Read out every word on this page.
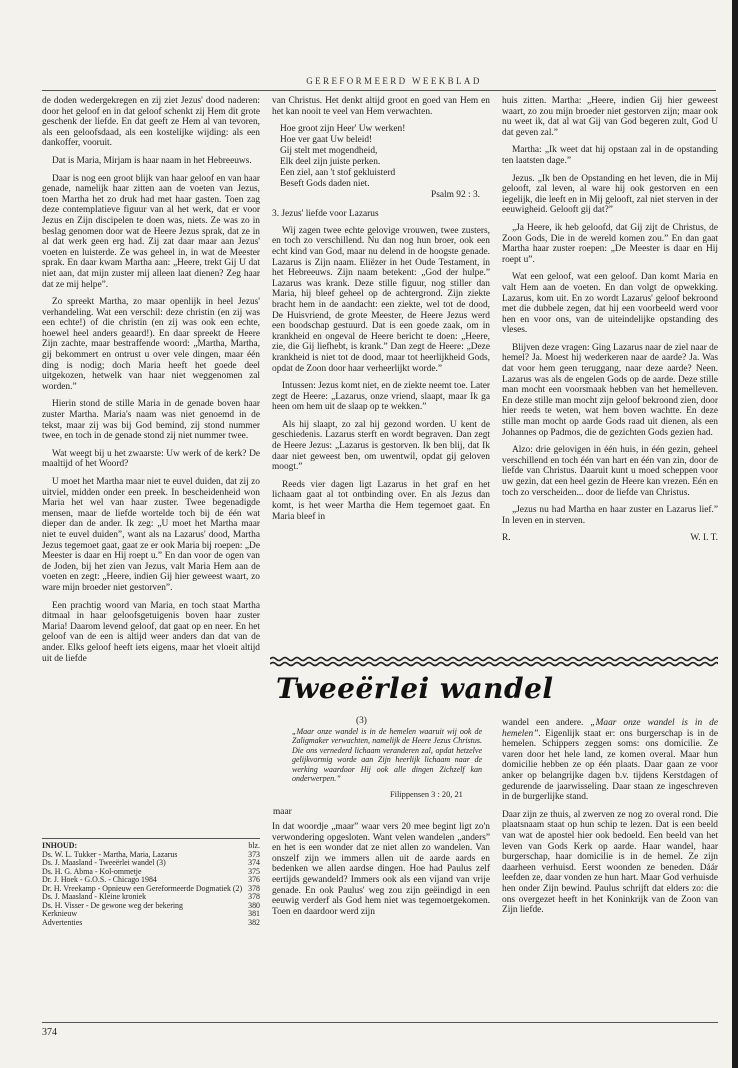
GEREFORMEERD WEEKBLAD

de doden wedergekregen en zij ziet Jezus' dood naderen: door het geloof en in dat geloof schenkt zij Hem dit grote geschenk der liefde. En dat geeft ze Hem al van tevoren, als een geloofsdaad, als een kostelijke wijding: als een dankoffer, vooruit.

Dat is Maria, Mirjam is haar naam in het Hebreeuws.

Daar is nog een groot blijk van haar geloof en van haar genade, namelijk haar zitten aan de voeten van Jezus, toen Martha het zo druk had met haar gasten. Toen zag deze contemplatieve figuur van al het werk, dat er voor Jezus en Zijn discipelen te doen was, niets. Ze was zo in beslag genomen door wat de Heere Jezus sprak, dat ze in al dat werk geen erg had. Zij zat daar maar aan Jezus' voeten en luisterde. Ze was geheel in, in wat de Meester sprak. En daar kwam Martha aan: „Heere, trekt Gij U dat niet aan, dat mijn zuster mij alleen laat dienen? Zeg haar dat ze mij helpe”.

Zo spreekt Martha, zo maar openlijk in heel Jezus' verhandeling. Wat een verschil: deze christin (en zij was een echte!) of die christin (en zij was ook een echte, hoewel heel anders geaard!). En daar spreekt de Heere Zijn zachte, maar bestraffende woord: „Martha, Martha, gij bekommert en ontrust u over vele dingen, maar één ding is nodig; doch Maria heeft het goede deel uitgekozen, hetwelk van haar niet weggenomen zal worden.”

Hierin stond de stille Maria in de genade boven haar zuster Martha. Maria's naam was niet genoemd in de tekst, maar zij was bij God bemind, zij stond nummer twee, en toch in de genade stond zij niet nummer twee.

Wat weegt bij u het zwaarste: Uw werk of de kerk? De maaltijd of het Woord?

U moet het Martha maar niet te euvel duiden, dat zij zo uitviel, midden onder een preek. In bescheidenheid won Maria het wel van haar zuster. Twee begenadigde mensen, maar de liefde wortelde toch bij de één wat dieper dan de ander. Ik zeg: „U moet het Martha maar niet te euvel duiden”, want als na Lazarus' dood, Martha Jezus tegemoet gaat, gaat ze er ook Maria bij roepen: „De Meester is daar en Hij roept u.” En dan voor de ogen van de Joden, bij het zien van Jezus, valt Maria Hem aan de voeten en zegt: „Heere, indien Gij hier geweest waart, zo ware mijn broeder niet gestorven”.

Een prachtig woord van Maria, en toch staat Martha ditmaal in haar geloofsgetuigenis boven haar zuster Maria! Daarom levend geloof, dat gaat op en neer. En het geloof van de een is altijd weer anders dan dat van de ander. Elks geloof heeft iets eigens, maar het vloeit altijd uit de liefde

van Christus. Het denkt altijd groot en goed van Hem en het kan nooit te veel van Hem verwachten.

Hoe groot zijn Heer' Uw werken!
Hoe ver gaat Uw beleid!
Gij stelt met mogendheid,
Elk deel zijn juiste perken.
Een ziel, aan 't stof gekluisterd
Beseft Gods daden niet.
Psalm 92 : 3.
3. Jezus' liefde voor Lazarus

Wij zagen twee echte gelovige vrouwen, twee zusters, en toch zo verschillend. Nu dan nog hun broer, ook een echt kind van God, maar nu delend in de hoogste genade. Lazarus is Zijn naam. Eliëzer in het Oude Testament, in het Hebreeuws. Zijn naam betekent: „God der hulpe.” Lazarus was krank. Deze stille figuur, nog stiller dan Maria, hij bleef geheel op de achtergrond. Zijn ziekte bracht hem in de aandacht: een ziekte, wel tot de dood, De Huisvriend, de grote Meester, de Heere Jezus werd een boodschap gestuurd. Dat is een goede zaak, om in krankheid en ongeval de Heere bericht te doen: „Heere, zie, die Gij liefhebt, is krank.” Dan zegt de Heere: „Deze krankheid is niet tot de dood, maar tot heerlijkheid Gods, opdat de Zoon door haar verheerlijkt worde.”

Intussen: Jezus komt niet, en de ziekte neemt toe. Later zegt de Heere: „Lazarus, onze vriend, slaapt, maar Ik ga heen om hem uit de slaap op te wekken.”

Als hij slaapt, zo zal hij gezond worden. U kent de geschiedenis. Lazarus sterft en wordt begraven. Dan zegt de Heere Jezus: „Lazarus is gestorven. Ik ben blij, dat Ik daar niet geweest ben, om uwentwil, opdat gij geloven moogt.”

Reeds vier dagen ligt Lazarus in het graf en het lichaam gaat al tot ontbinding over. En als Jezus dan komt, is het weer Martha die Hem tegemoet gaat. En Maria bleef in

huis zitten. Martha: „Heere, indien Gij hier geweest waart, zo zou mijn broeder niet gestorven zijn; maar ook nu weet ik, dat al wat Gij van God begeren zult, God U dat geven zal.”

Martha: „Ik weet dat hij opstaan zal in de opstanding ten laatsten dage.”

Jezus. „Ik ben de Opstanding en het leven, die in Mij gelooft, zal leven, al ware hij ook gestorven en een iegelijk, die leeft en in Mij gelooft, zal niet sterven in der eeuwigheid. Gelooft gij dat?”

„Ja Heere, ik heb geloofd, dat Gij zijt de Christus, de Zoon Gods, Die in de wereld komen zou.” En dan gaat Martha haar zuster roepen: „De Meester is daar en Hij roept u”.

Wat een geloof, wat een geloof. Dan komt Maria en valt Hem aan de voeten. En dan volgt de opwekking. Lazarus, kom uit. En zo wordt Lazarus' geloof bekroond met die dubbele zegen, dat hij een voorbeeld werd voor hen en voor ons, van de uiteindelijke opstanding des vleses.

Blijven deze vragen: Ging Lazarus naar de ziel naar de hemel? Ja. Moest hij wederkeren naar de aarde? Ja. Was dat voor hem geen teruggang, naar deze aarde? Neen. Lazarus was als de engelen Gods op de aarde. Deze stille man mocht een voorsmaak hebben van het hemelleven. En deze stille man mocht zijn geloof bekroond zien, door hier reeds te weten, wat hem boven wachtte. En deze stille man mocht op aarde Gods raad uit dienen, als een Johannes op Padmos, die de gezichten Gods gezien had.

Alzo: drie gelovigen in één huis, in één gezin, geheel verschillend en toch één van hart en één van zin, door de liefde van Christus. Daaruit kunt u moed scheppen voor uw gezin, dat een heel gezin de Heere kan vrezen. Eén en toch zo verscheiden... door de liefde van Christus.

„Jezus nu had Martha en haar zuster en Lazarus lief.” In leven en in sterven.

R.	W. I. T.
Tweeërlei wandel
(3)
„Maar onze wandel is in de hemelen waaruit wij ook de Zaligmaker verwachten, namelijk de Heere Jezus Christus. Die ons vernederd lichaam veranderen zal, opdat hetzelve gelijkvormig worde aan Zijn heerlijk lichaam naar de werking waardoor Hij ook alle dingen Zichzelf kan onderwerpen.”
Filippensen 3 : 20, 21
maar

In dat woordje „maar” waar vers 20 mee begint ligt zo'n verwondering opgesloten. Want velen wandelen „anders” en het is een wonder dat ze niet allen zo wandelen. Van onszelf zijn we immers allen uit de aarde aards en bedenken we allen aardse dingen. Hoe had Paulus zelf eertijds gewandeld? Immers ook als een vijand van vrije genade. En ook Paulus' weg zou zijn geëindigd in een eeuwig verderf als God hem niet was tegemoetgekomen. Toen en daardoor werd zijn

wandel een andere. „Maar onze wandel is in de hemelen”. Eigenlijk staat er: ons burgerschap is in de hemelen. Schippers zeggen soms: ons domicilie. Ze varen door het hele land, ze komen overal. Maar hun domicilie hebben ze op één plaats. Daar gaan ze voor anker op belangrijke dagen b.v. tijdens Kerstdagen of gedurende de jaarwisseling. Daar staan ze ingeschreven in de burgerlijke stand.

Daar zijn ze thuis, al zwerven ze nog zo overal rond. Die plaatsnaam staat op hun schip te lezen. Dat is een beeld van wat de apostel hier ook bedoeld. Een beeld van het leven van Gods Kerk op aarde. Haar wandel, haar burgerschap, haar domicilie is in de hemel. Ze zijn daarheen verhuisd. Eerst woonden ze beneden. Dáár leefden ze, daar vonden ze hun hart. Maar God verhuisde hen onder Zijn bewind. Paulus schrijft dat elders zo: die ons overgezet heeft in het Koninkrijk van de Zoon van Zijn liefde.

INHOUD:	blz.
Ds. W. L. Tukker - Martha, Maria, Lazarus	373
Ds. J. Maasland - Tweeërlei wandel (3)	374
Ds. H. G. Abma - Kol-ommetje	375
Dr. J. Hoek - G.O.S. - Chicago 1984	376
Dr. H. Vreekamp - Opnieuw een Gereformeerde Dogmatiek (2) 378
Ds. J. Maasland - Kleine kroniek	378
Ds. H. Visser - De gewone weg der bekering	380
Kerknieuw	381
Advertenties	382
374
